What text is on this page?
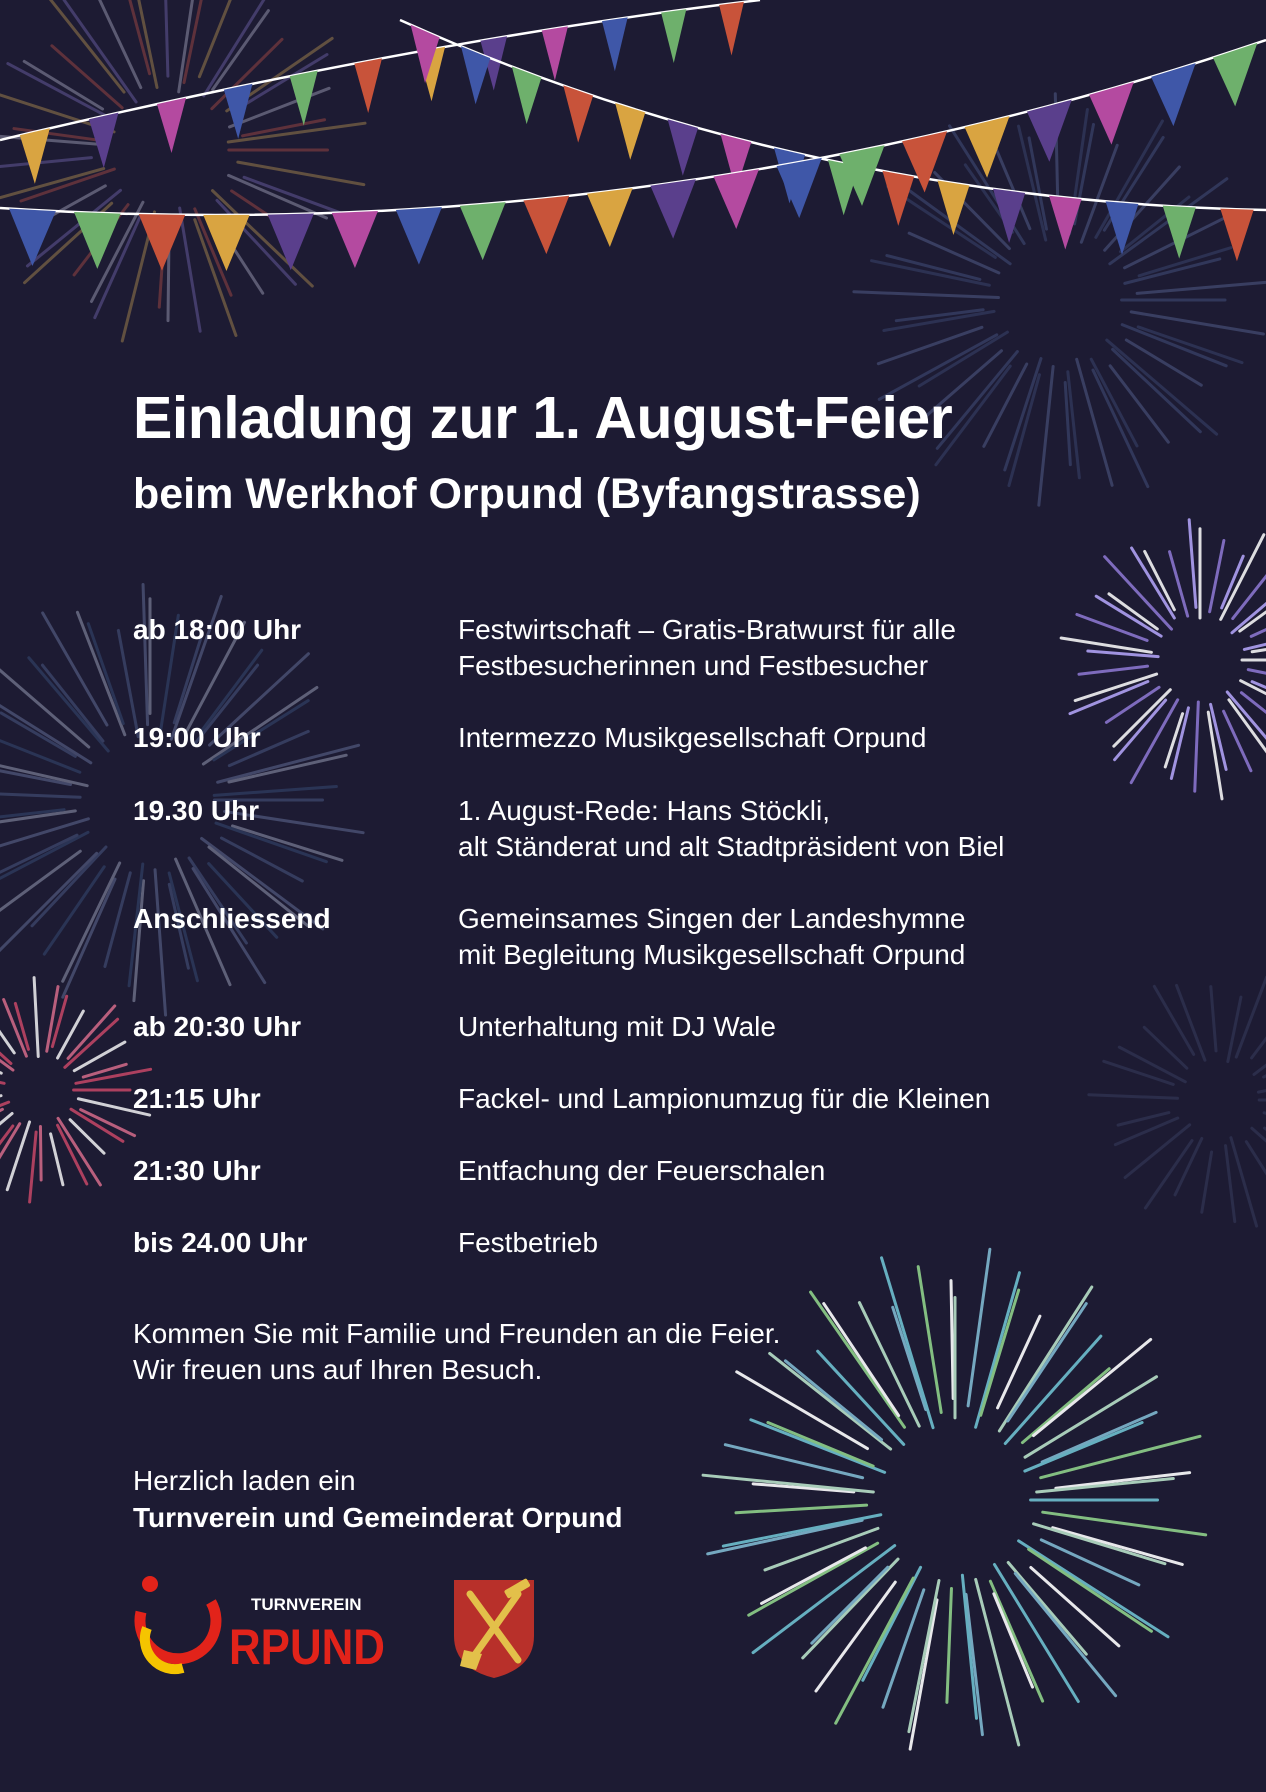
Einladung zur 1. August-Feier
beim Werkhof Orpund (Byfangstrasse)
ab 18:00 Uhr	Festwirtschaft – Gratis-Bratwurst für alle
Festbesucherinnen und Festbesucher
19:00 Uhr	Intermezzo Musikgesellschaft Orpund
19.30 Uhr	1. August-Rede: Hans Stöckli,
alt Ständerat und alt Stadtpräsident von Biel
Anschliessend	Gemeinsames Singen der Landeshymne
mit Begleitung Musikgesellschaft Orpund
ab 20:30 Uhr	Unterhaltung mit DJ Wale
21:15 Uhr	Fackel- und Lampionumzug für die Kleinen
21:30 Uhr	Entfachung der Feuerschalen
bis 24.00 Uhr	Festbetrieb
Kommen Sie mit Familie und Freunden an die Feier.
Wir freuen uns auf Ihren Besuch.
Herzlich laden ein
Turnverein und Gemeinderat Orpund
TURNVEREIN
RPUND
